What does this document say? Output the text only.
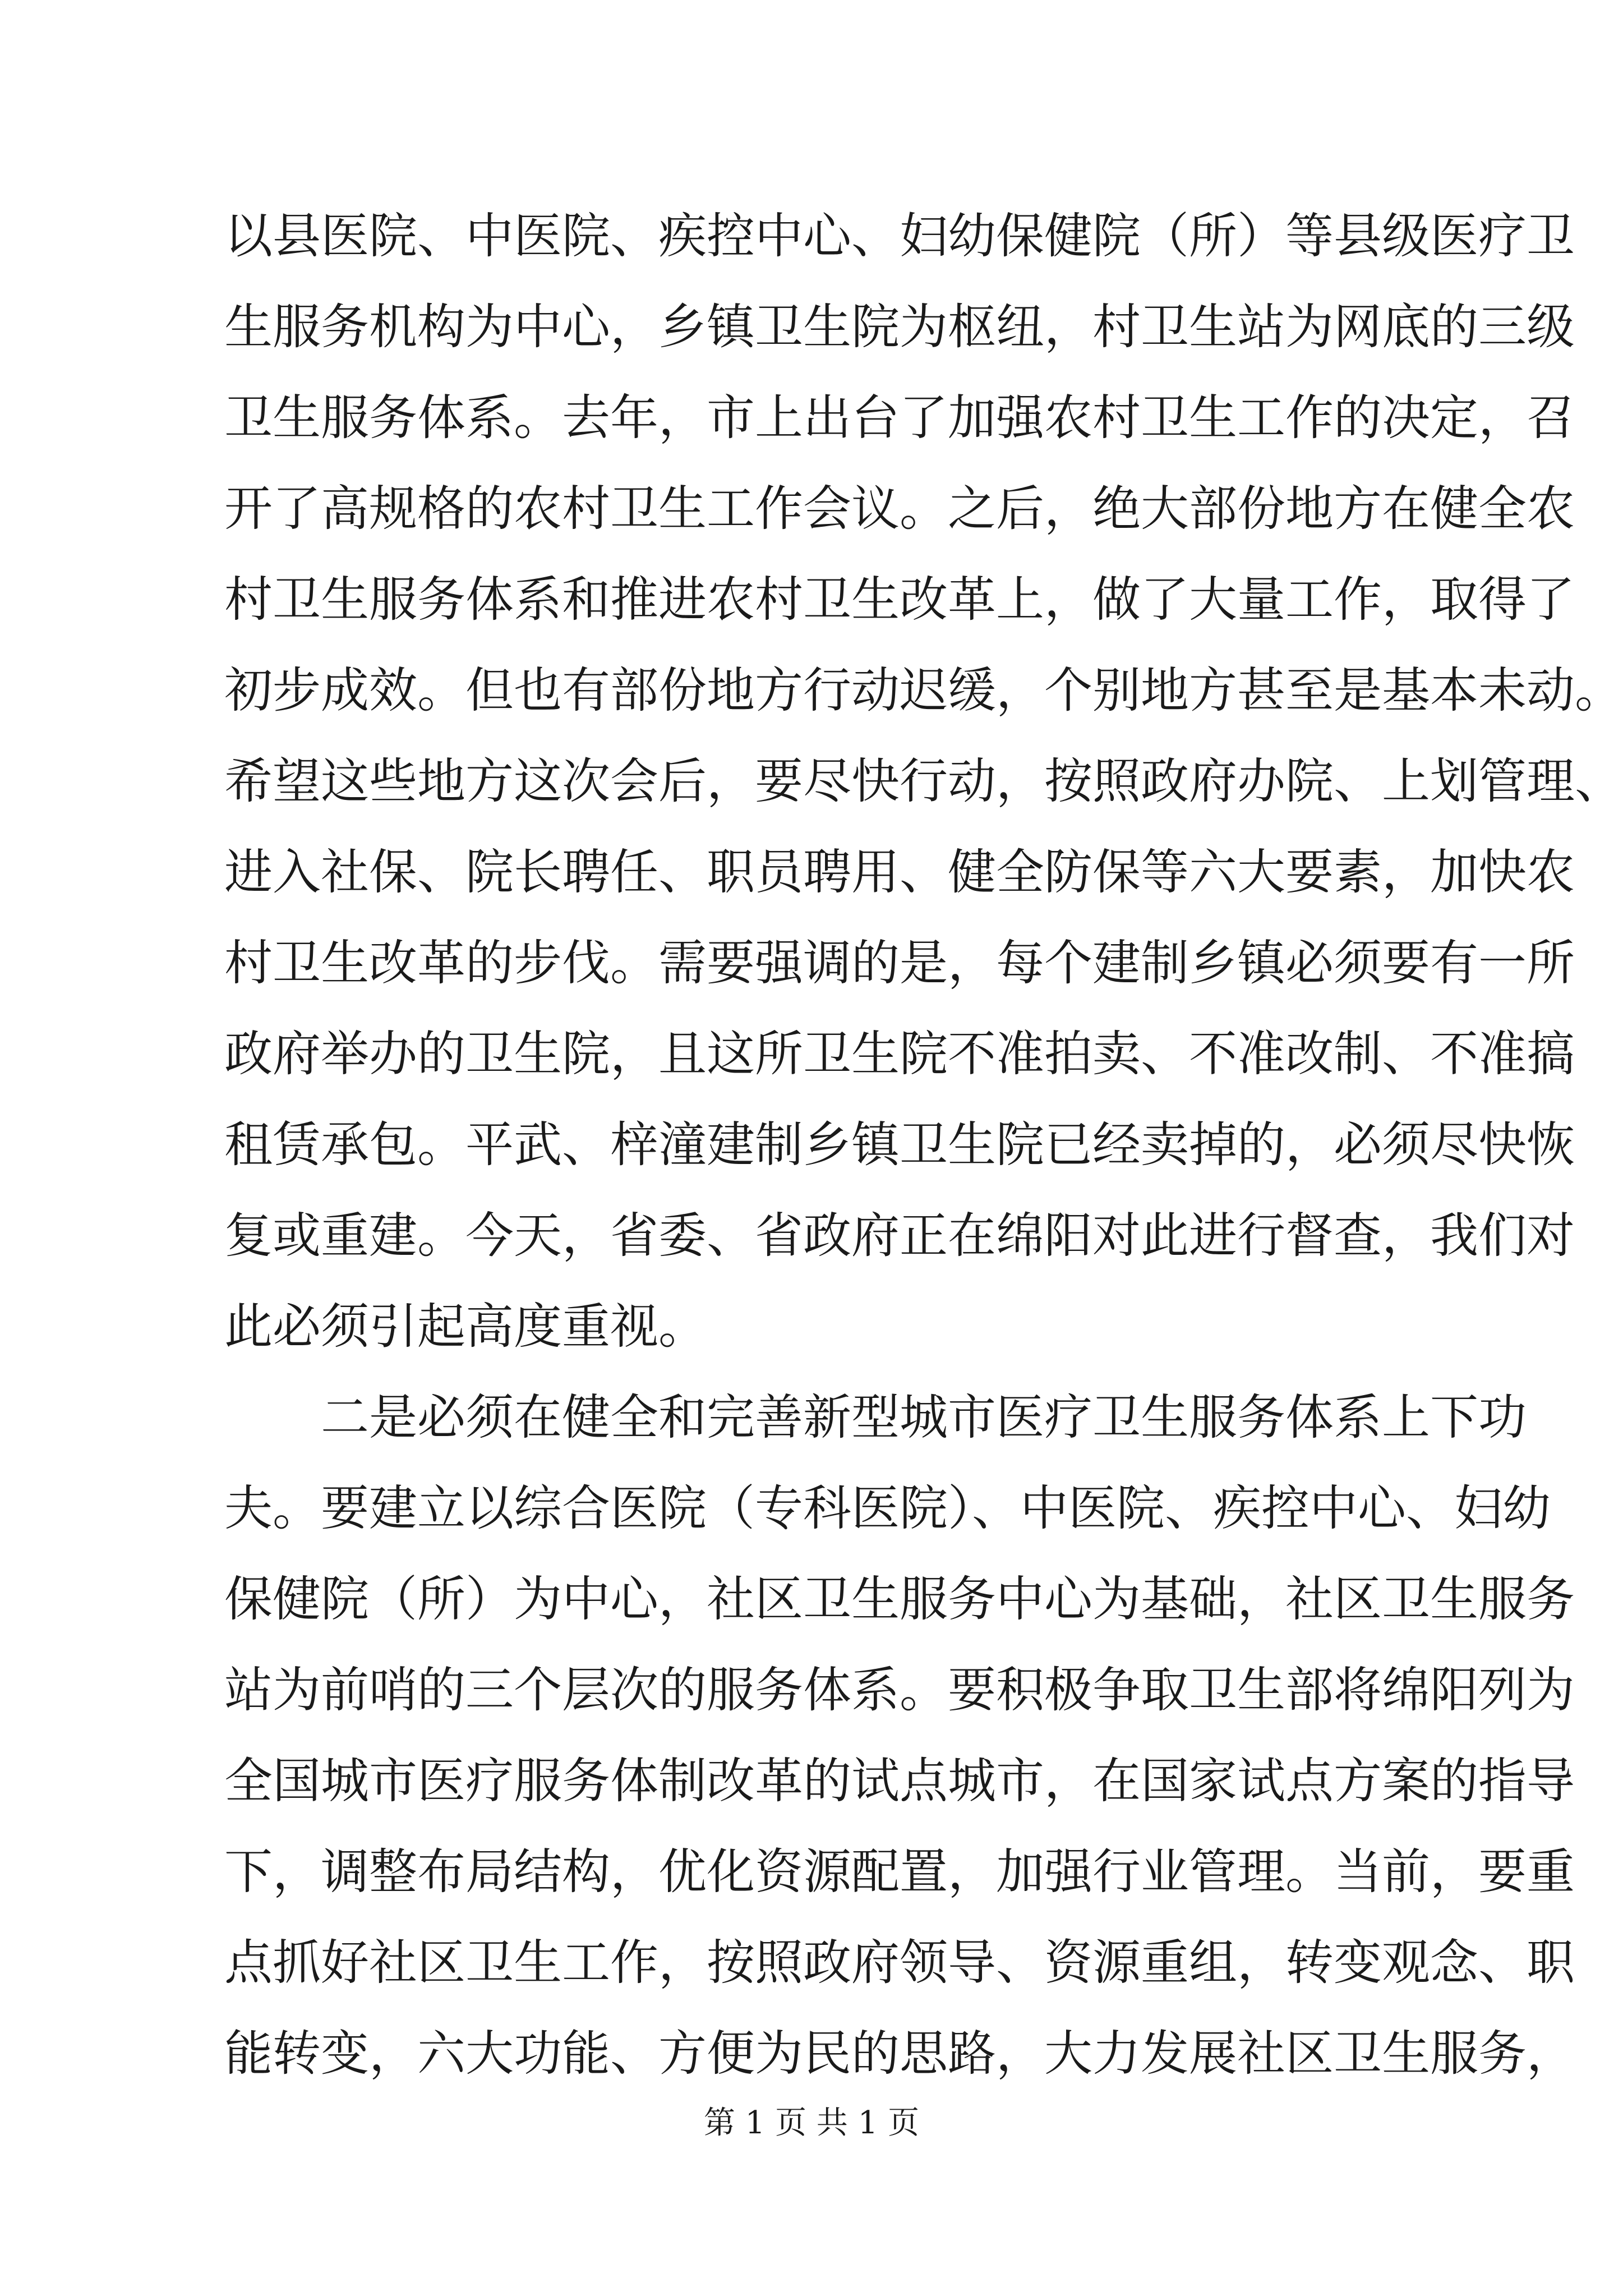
以县医院、中医院、疾控中心、妇幼保健院（所）等县级医疗卫
生服务机构为中心，乡镇卫生院为枢纽，村卫生站为网底的三级
卫生服务体系。去年，市上出台了加强农村卫生工作的决定，召
开了高规格的农村卫生工作会议。之后，绝大部份地方在健全农
村卫生服务体系和推进农村卫生改革上，做了大量工作，取得了
初步成效。但也有部份地方行动迟缓，个别地方甚至是基本未动。
希望这些地方这次会后，要尽快行动，按照政府办院、上划管理、
进入社保、院长聘任、职员聘用、健全防保等六大要素，加快农
村卫生改革的步伐。需要强调的是，每个建制乡镇必须要有一所
政府举办的卫生院，且这所卫生院不准拍卖、不准改制、不准搞
租赁承包。平武、梓潼建制乡镇卫生院已经卖掉的，必须尽快恢
复或重建。今天，省委、省政府正在绵阳对此进行督查，我们对
此必须引起高度重视。
二是必须在健全和完善新型城市医疗卫生服务体系上下功
夫。要建立以综合医院（专科医院）、中医院、疾控中心、妇幼
保健院（所）为中心，社区卫生服务中心为基础，社区卫生服务
站为前哨的三个层次的服务体系。要积极争取卫生部将绵阳列为
全国城市医疗服务体制改革的试点城市，在国家试点方案的指导
下，调整布局结构，优化资源配置，加强行业管理。当前，要重
点抓好社区卫生工作，按照政府领导、资源重组，转变观念、职
能转变，六大功能、方便为民的思路，大力发展社区卫生服务，
第 1 页 共 1 页
